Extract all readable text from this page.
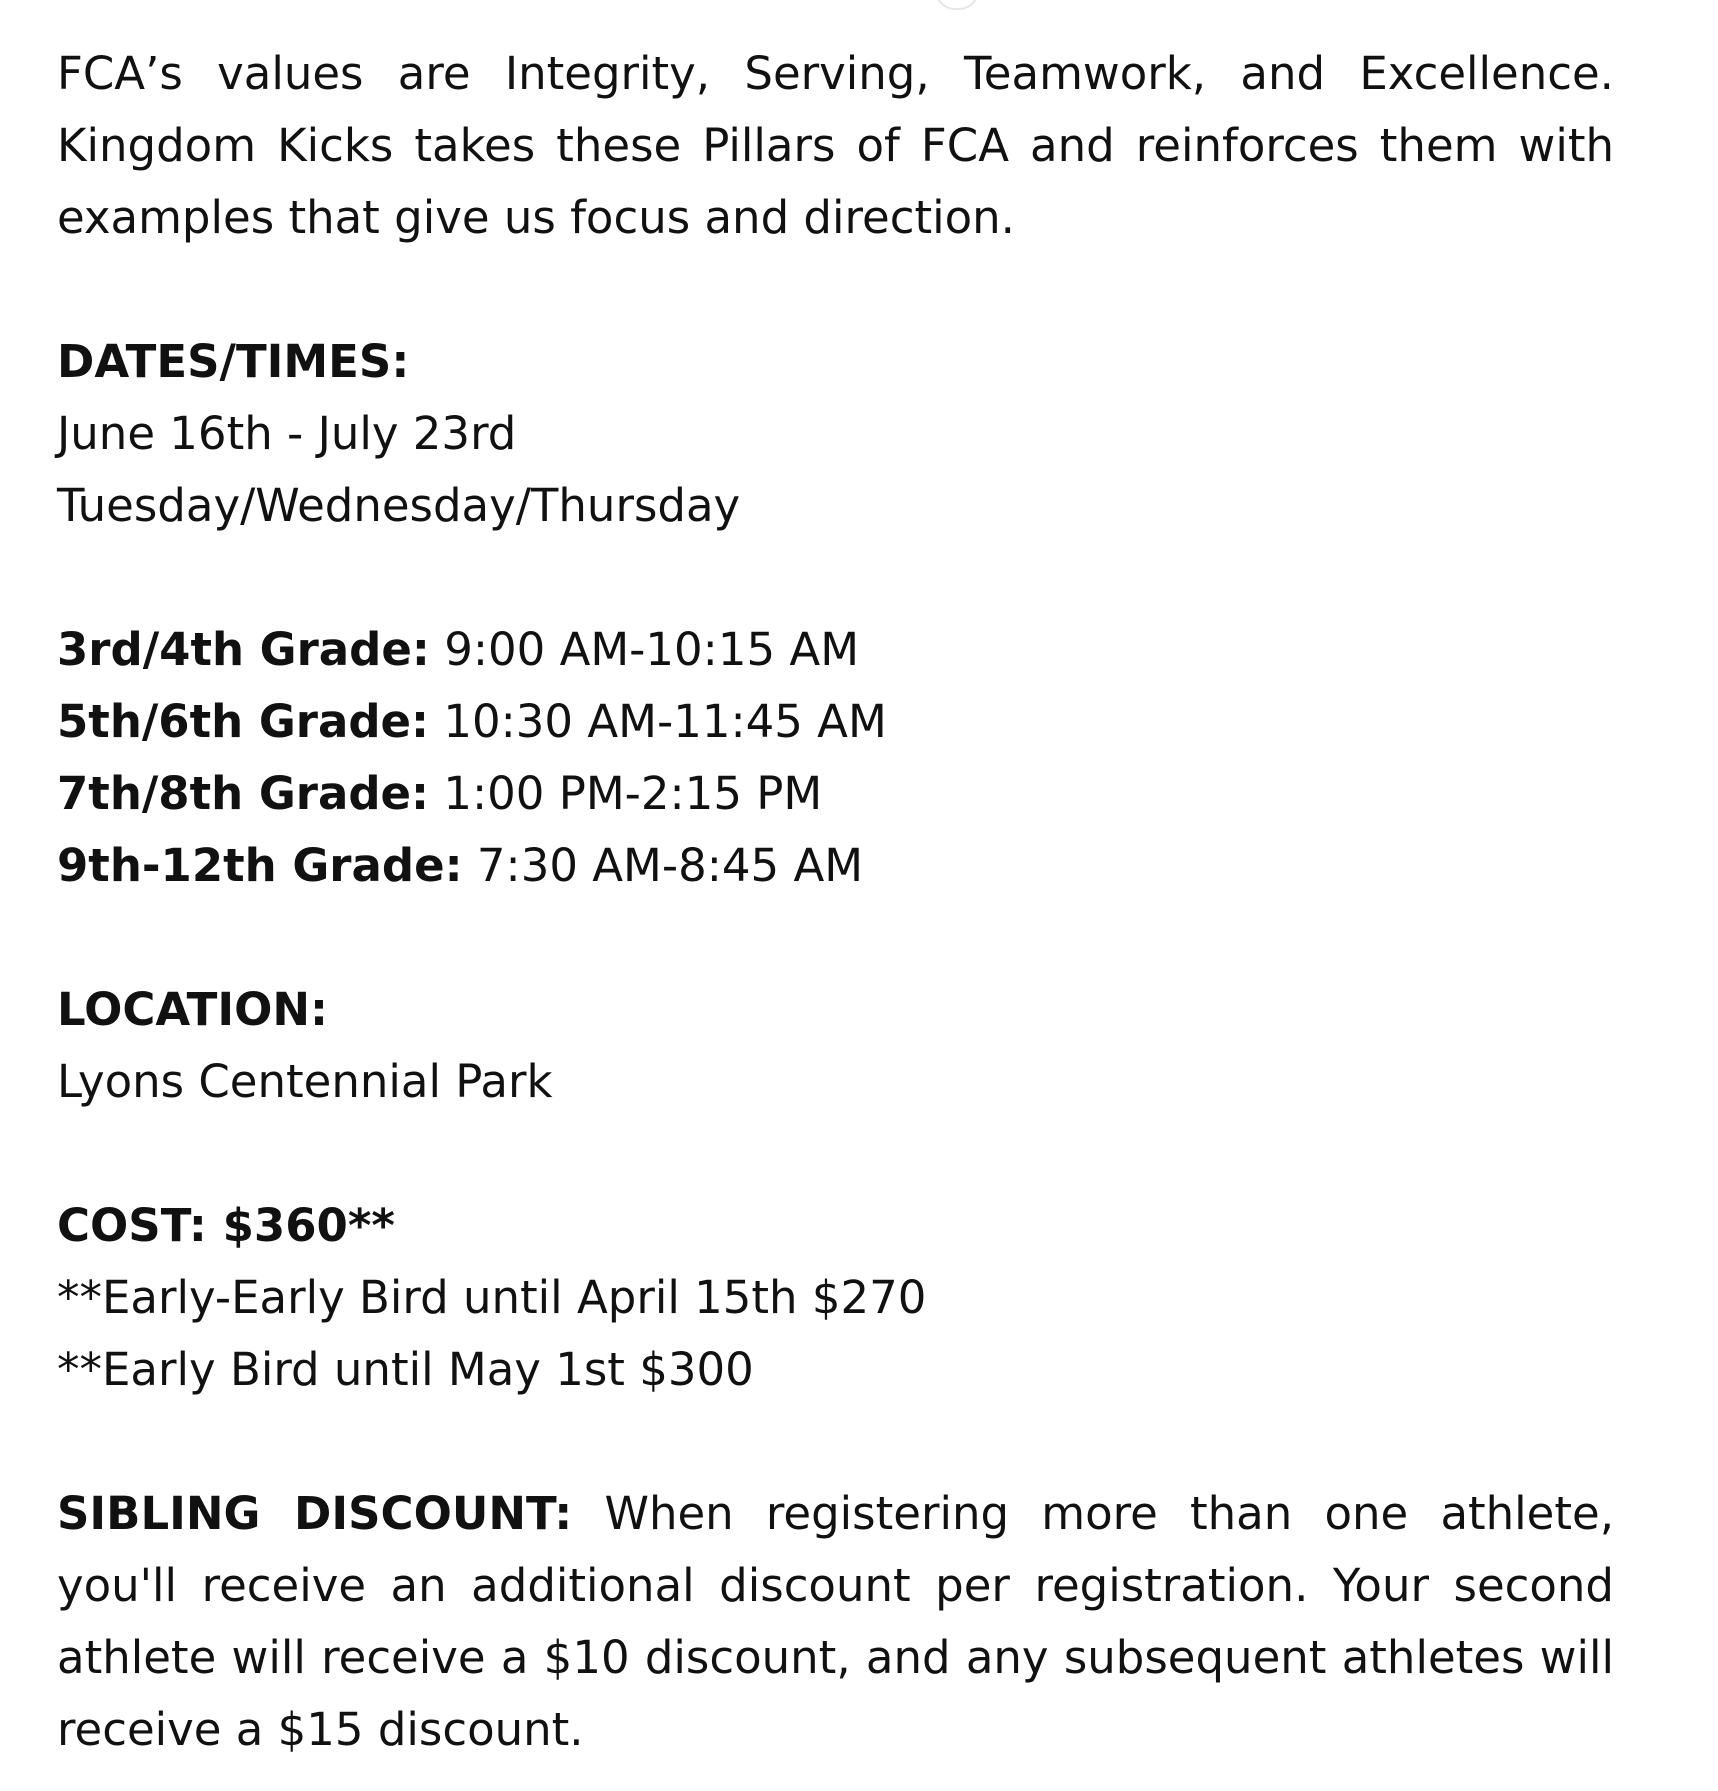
FCA’s values are Integrity, Serving, Teamwork, and Excellence. Kingdom Kicks takes these Pillars of FCA and reinforces them with examples that give us focus and direction.

DATES/TIMES:
June 16th - July 23rd
Tuesday/Wednesday/Thursday
3rd/4th Grade: 9:00 AM-10:15 AM
5th/6th Grade: 10:30 AM-11:45 AM
7th/8th Grade: 1:00 PM-2:15 PM
9th-12th Grade: 7:30 AM-8:45 AM
LOCATION:
Lyons Centennial Park
COST: $360**
**Early-Early Bird until April 15th $270
**Early Bird until May 1st $300

SIBLING DISCOUNT: When registering more than one athlete, you'll receive an additional discount per registration. Your second athlete will receive a $10 discount, and any subsequent athletes will receive a $15 discount.
